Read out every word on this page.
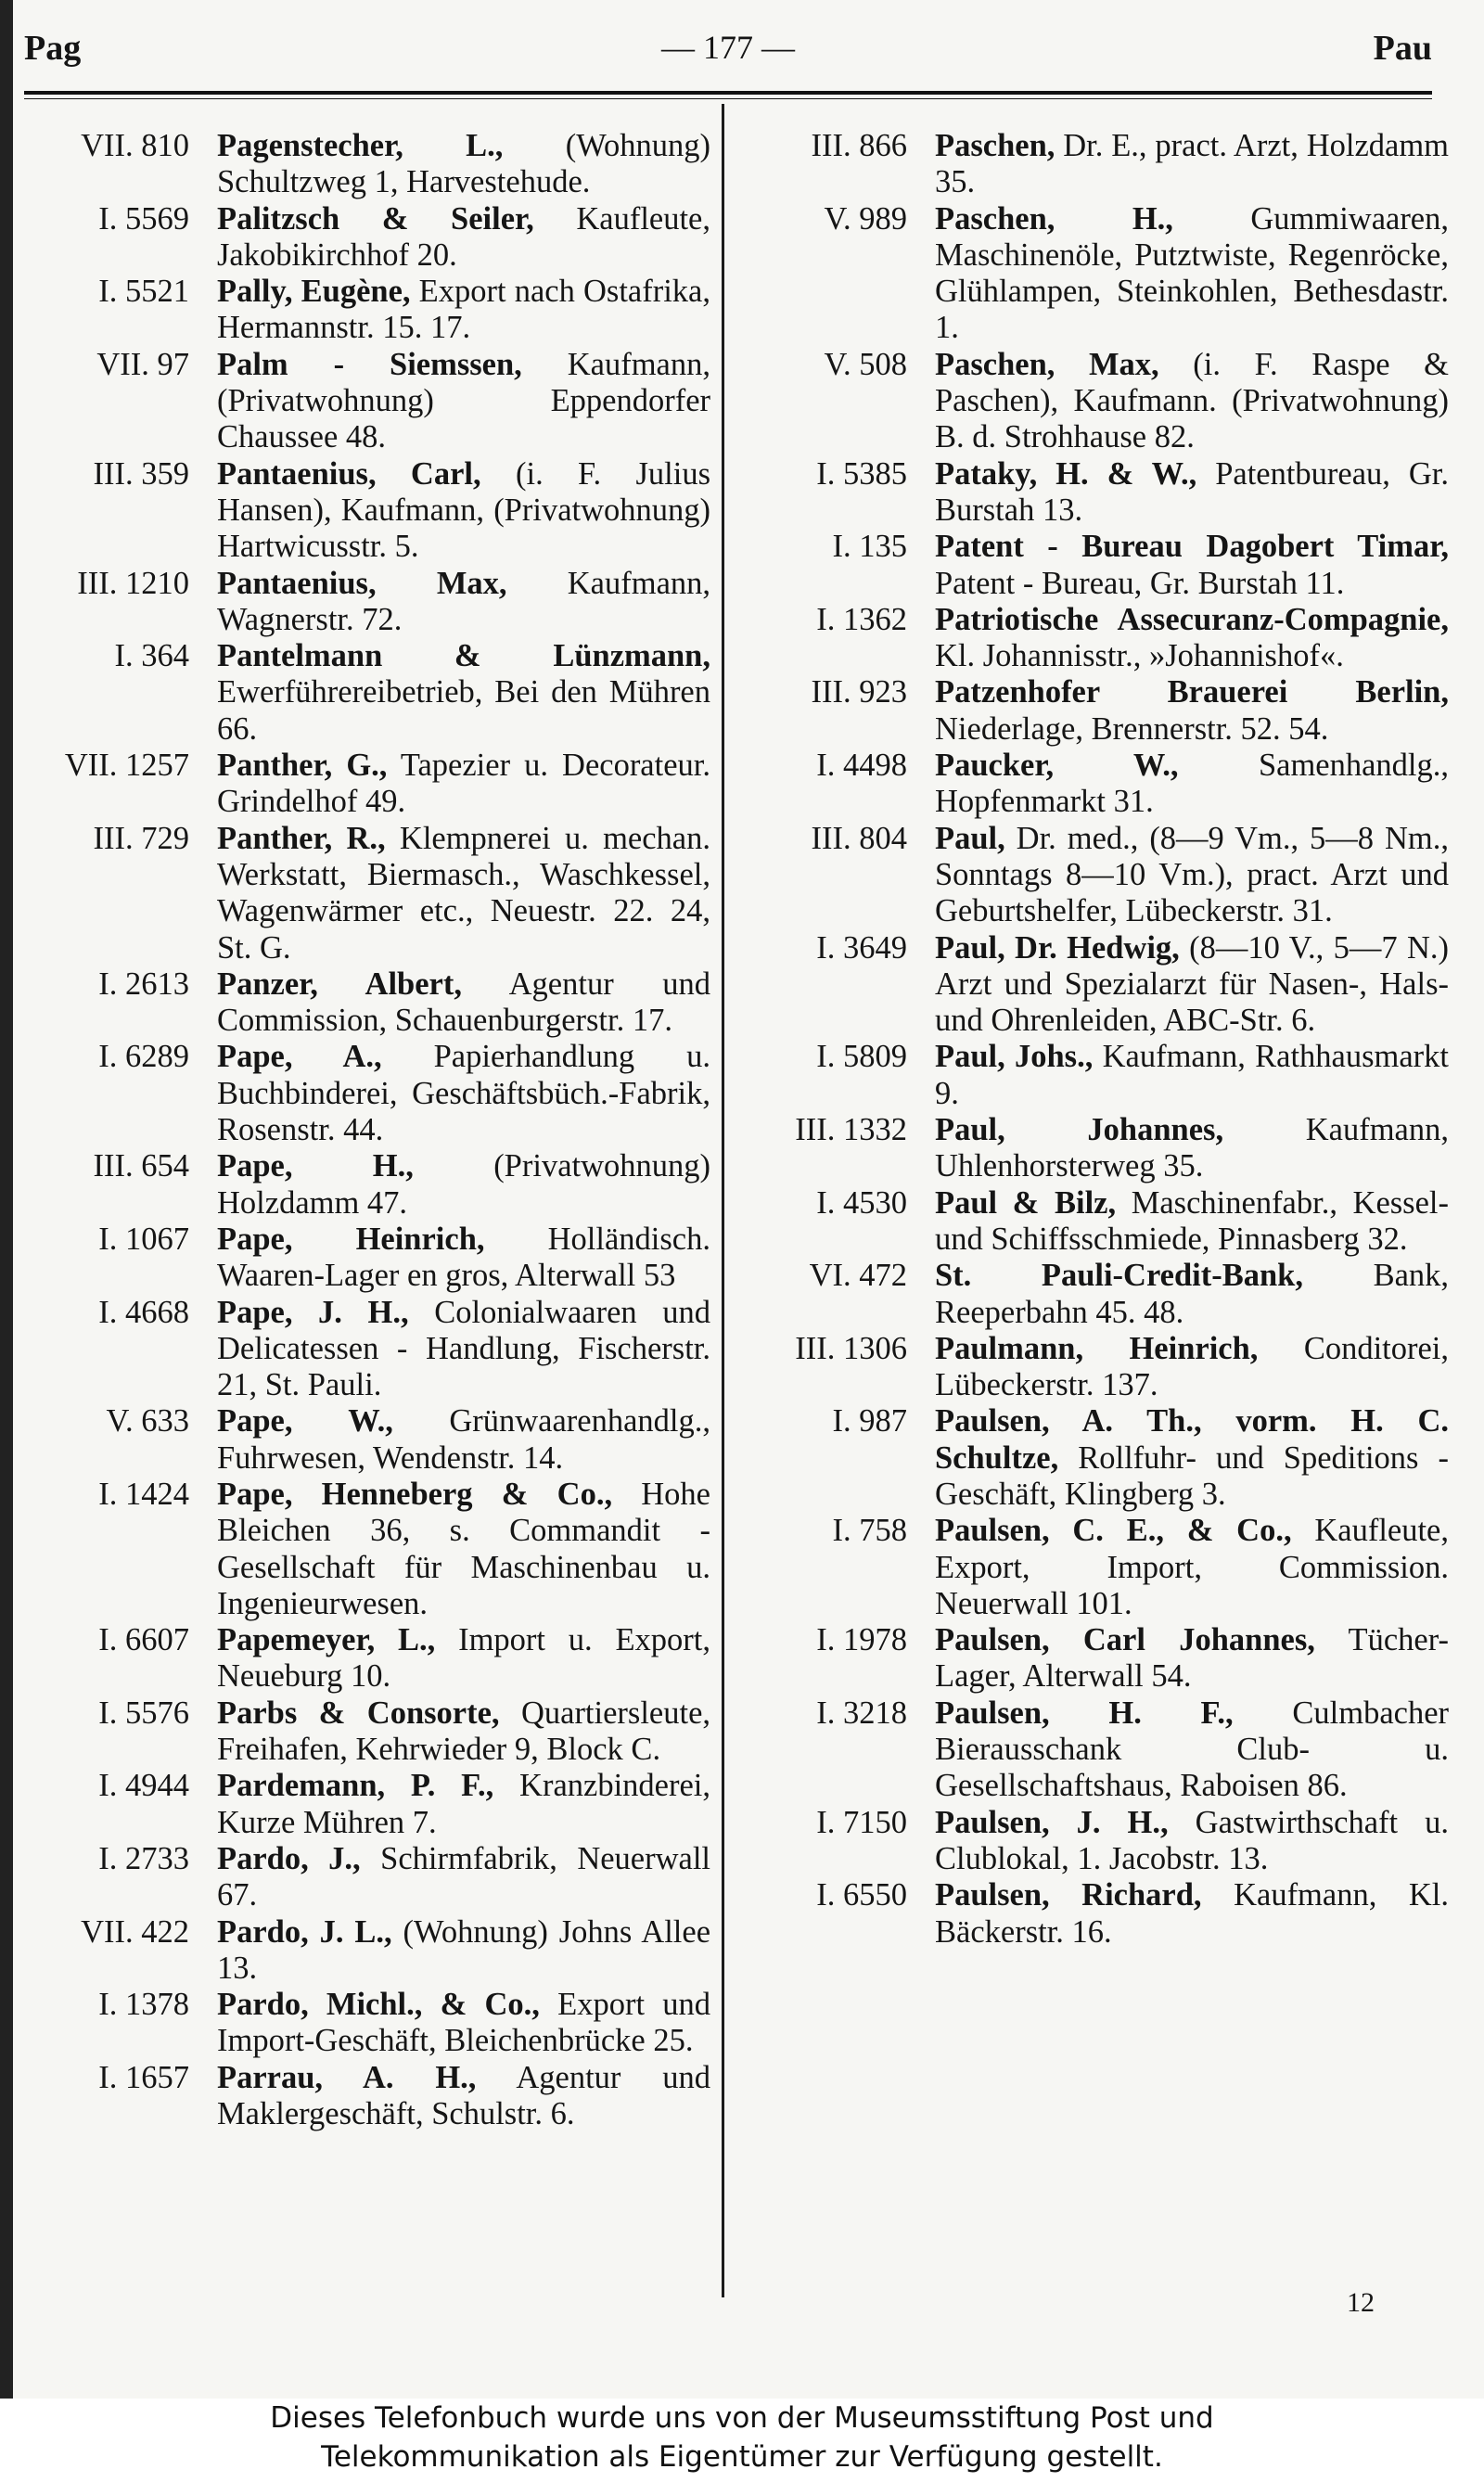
Pag	— 177 —	Pau
VII. 810 Pagenstecher, L., (Wohnung) Schultzweg 1, Harvestehude.
I. 5569 Palitzsch & Seiler, Kaufleute, Jakobikirchhof 20.
I. 5521 Pally, Eugène, Export nach Ostafrika, Hermannstr. 15. 17.
VII. 97 Palm - Siemssen, Kaufmann, (Privatwohnung) Eppendorfer Chaussee 48.
III. 359 Pantaenius, Carl, (i. F. Julius Hansen), Kaufmann, (Privatwohnung) Hartwicusstr. 5.
III. 1210 Pantaenius, Max, Kaufmann, Wagnerstr. 72.
I. 364 Pantelmann & Lünzmann, Ewerführereibetrieb, Bei den Mühren 66.
VII. 1257 Panther, G., Tapezier u. Decorateur. Grindelhof 49.
III. 729 Panther, R., Klempnerei u. mechan. Werkstatt, Biermasch., Waschkessel, Wagenwärmer etc., Neuestr. 22. 24, St. G.
I. 2613 Panzer, Albert, Agentur und Commission, Schauenburgerstr. 17.
I. 6289 Pape, A., Papierhandlung u. Buchbinderei, Geschäftsbüch.-Fabrik, Rosenstr. 44.
III. 654 Pape, H.,	(Privatwohnung) Holzdamm 47.
I. 1067 Pape, Heinrich, Holländisch. Waaren-Lager en gros, Alterwall 53
I. 4668 Pape, J. H., Colonialwaaren und Delicatessen - Handlung, Fischerstr. 21, St. Pauli.
V. 633 Pape, W., Grünwaarenhandlg., Fuhrwesen, Wendenstr. 14.
I. 1424 Pape, Henneberg & Co., Hohe Bleichen 36, s. Commandit - Gesellschaft für Maschinenbau u. Ingenieurwesen.
I. 6607 Papemeyer, L., Import u. Export, Neueburg 10.
I. 5576 Parbs & Consorte, Quartiersleute, Freihafen, Kehrwieder 9, Block C.
I. 4944 Pardemann, P. F., Kranzbinderei, Kurze Mühren 7.
I. 2733 Pardo, J., Schirmfabrik, Neuerwall 67.
VII. 422 Pardo, J. L., (Wohnung) Johns Allee 13.
I. 1378 Pardo, Michl., & Co., Export und Import-Geschäft, Bleichenbrücke 25.
I. 1657 Parrau, A. H., Agentur und Maklergeschäft, Schulstr. 6.
III. 866 Paschen, Dr. E., pract. Arzt, Holzdamm 35.
V. 989 Paschen, H., Gummiwaaren, Maschinenöle, Putztwiste, Regenröcke, Glühlampen, Steinkohlen, Bethesdastr. 1.
V. 508 Paschen, Max, (i. F. Raspe & Paschen), Kaufmann. (Privatwohnung) B. d. Strohhause 82.
I. 5385 Pataky, H. & W., Patentbureau, Gr. Burstah 13.
I. 135 Patent - Bureau Dagobert Timar, Patent - Bureau, Gr. Burstah 11.
I. 1362 Patriotische Assecuranz-Compagnie, Kl. Johannisstr., »Johannishof«.
III. 923 Patzenhofer Brauerei Berlin, Niederlage, Brennerstr. 52. 54.
I. 4498 Paucker, W.,	Samenhandlg., Hopfenmarkt 31.
III. 804 Paul, Dr. med., (8—9 Vm., 5—8 Nm., Sonntags 8—10 Vm.), pract. Arzt und Geburtshelfer, Lübeckerstr. 31.
I. 3649 Paul, Dr. Hedwig, (8—10 V., 5—7 N.) Arzt und Spezialarzt für Nasen-, Hals- und Ohrenleiden, ABC-Str. 6.
I. 5809 Paul, Johs., Kaufmann, Rathhausmarkt 9.
III. 1332 Paul, Johannes,	Kaufmann, Uhlenhorsterweg 35.
I. 4530 Paul & Bilz, Maschinenfabr., Kessel- und Schiffsschmiede, Pinnasberg 32.
VI. 472 St. Pauli-Credit-Bank, Bank, Reeperbahn 45. 48.
III. 1306 Paulmann, Heinrich, Conditorei, Lübeckerstr. 137.
I. 987 Paulsen, A. Th., vorm. H. C. Schultze, Rollfuhr- und Speditions - Geschäft, Klingberg 3.
I. 758 Paulsen, C. E., & Co., Kaufleute, Export, Import, Commission. Neuerwall 101.
I. 1978 Paulsen, Carl Johannes, Tücher-Lager, Alterwall 54.
I. 3218 Paulsen, H. F., Culmbacher Bierausschank Club- u. Gesellschaftshaus, Raboisen 86.
I. 7150 Paulsen, J. H., Gastwirthschaft u. Clublokal, 1. Jacobstr. 13.
I. 6550 Paulsen, Richard, Kaufmann, Kl. Bäckerstr. 16.
12
Dieses Telefonbuch wurde uns von der Museumsstiftung Post und
Telekommunikation als Eigentümer zur Verfügung gestellt.
